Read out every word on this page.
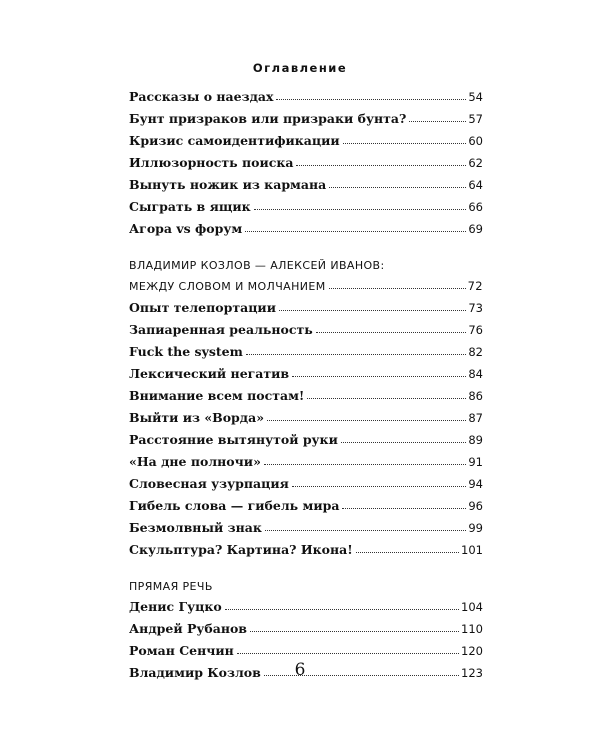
Оглавление
Рассказы о наездах	54
Бунт призраков или призраки бунта?	57
Кризис самоидентификации	60
Иллюзорность поиска	62
Вынуть ножик из кармана	64
Сыграть в ящик	66
Агора vs форум	69
ВЛАДИМИР КОЗЛОВ — АЛЕКСЕЙ ИВАНОВ:
МЕЖДУ СЛОВОМ И МОЛЧАНИЕМ	72
Опыт телепортации	73
Запиаренная реальность	76
Fuck the system	82
Лексический негатив	84
Внимание всем постам!	86
Выйти из «Ворда»	87
Расстояние вытянутой руки	89
«На дне полночи»	91
Словесная узурпация	94
Гибель слова — гибель мира	96
Безмолвный знак	99
Скульптура? Картина? Икона!	101
ПРЯМАЯ РЕЧЬ
Денис Гуцко	104
Андрей Рубанов	110
Роман Сенчин	120
Владимир Козлов	123
6
